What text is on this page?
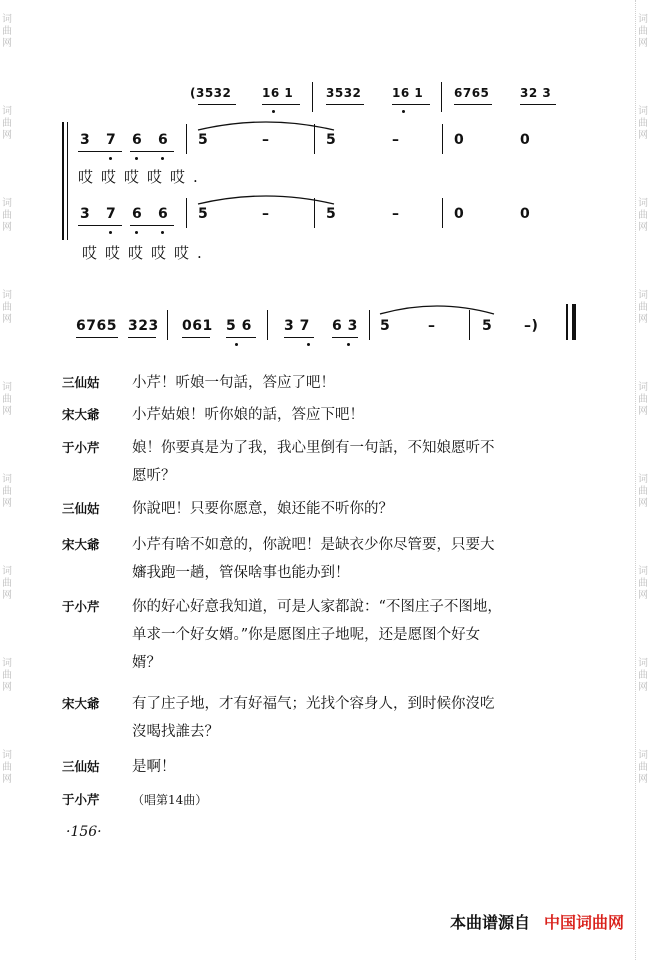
词
曲
网
词
曲
网
词
曲
网
词
曲
网
词
曲
网
词
曲
网
词
曲
网
词
曲
网
词
曲
网
词
曲
网
词
曲
网
词
曲
网
词
曲
网
词
曲
网
词
曲
网
词
曲
网
词
曲
网
词
曲
网
(3532	16 1	3532	16 1	6765	32 3
3 7 6 6 5	–	5	–	0	0
哎哎哎哎哎.
3 7 6 6 5	–	5	–	0	0
哎哎哎哎哎.
6765 323 061 5 6 3 7 6 3 5	–	5 –)
三仙姑	小芹！听娘一句話，答应了吧！
宋大爺	小芹姑娘！听你娘的話，答应下吧！
于小芹	娘！你要真是为了我，我心里倒有一句話，不知娘愿听不
愿听？
三仙姑	你說吧！只要你愿意，娘还能不听你的？
宋大爺	小芹有啥不如意的，你說吧！是缺衣少你尽管要，只要大
嬸我跑一趟，管保啥事也能办到！
于小芹	你的好心好意我知道，可是人家都說：“不图庄子不图地，
单求一个好女婿。”你是愿图庄子地呢，还是愿图个好女
婿？
宋大爺	有了庄子地，才有好福气；光找个容身人，到时候你沒吃
沒喝找誰去？
三仙姑	是啊！
于小芹	（唱第14曲）
·156·
本曲谱源自 中国词曲网
